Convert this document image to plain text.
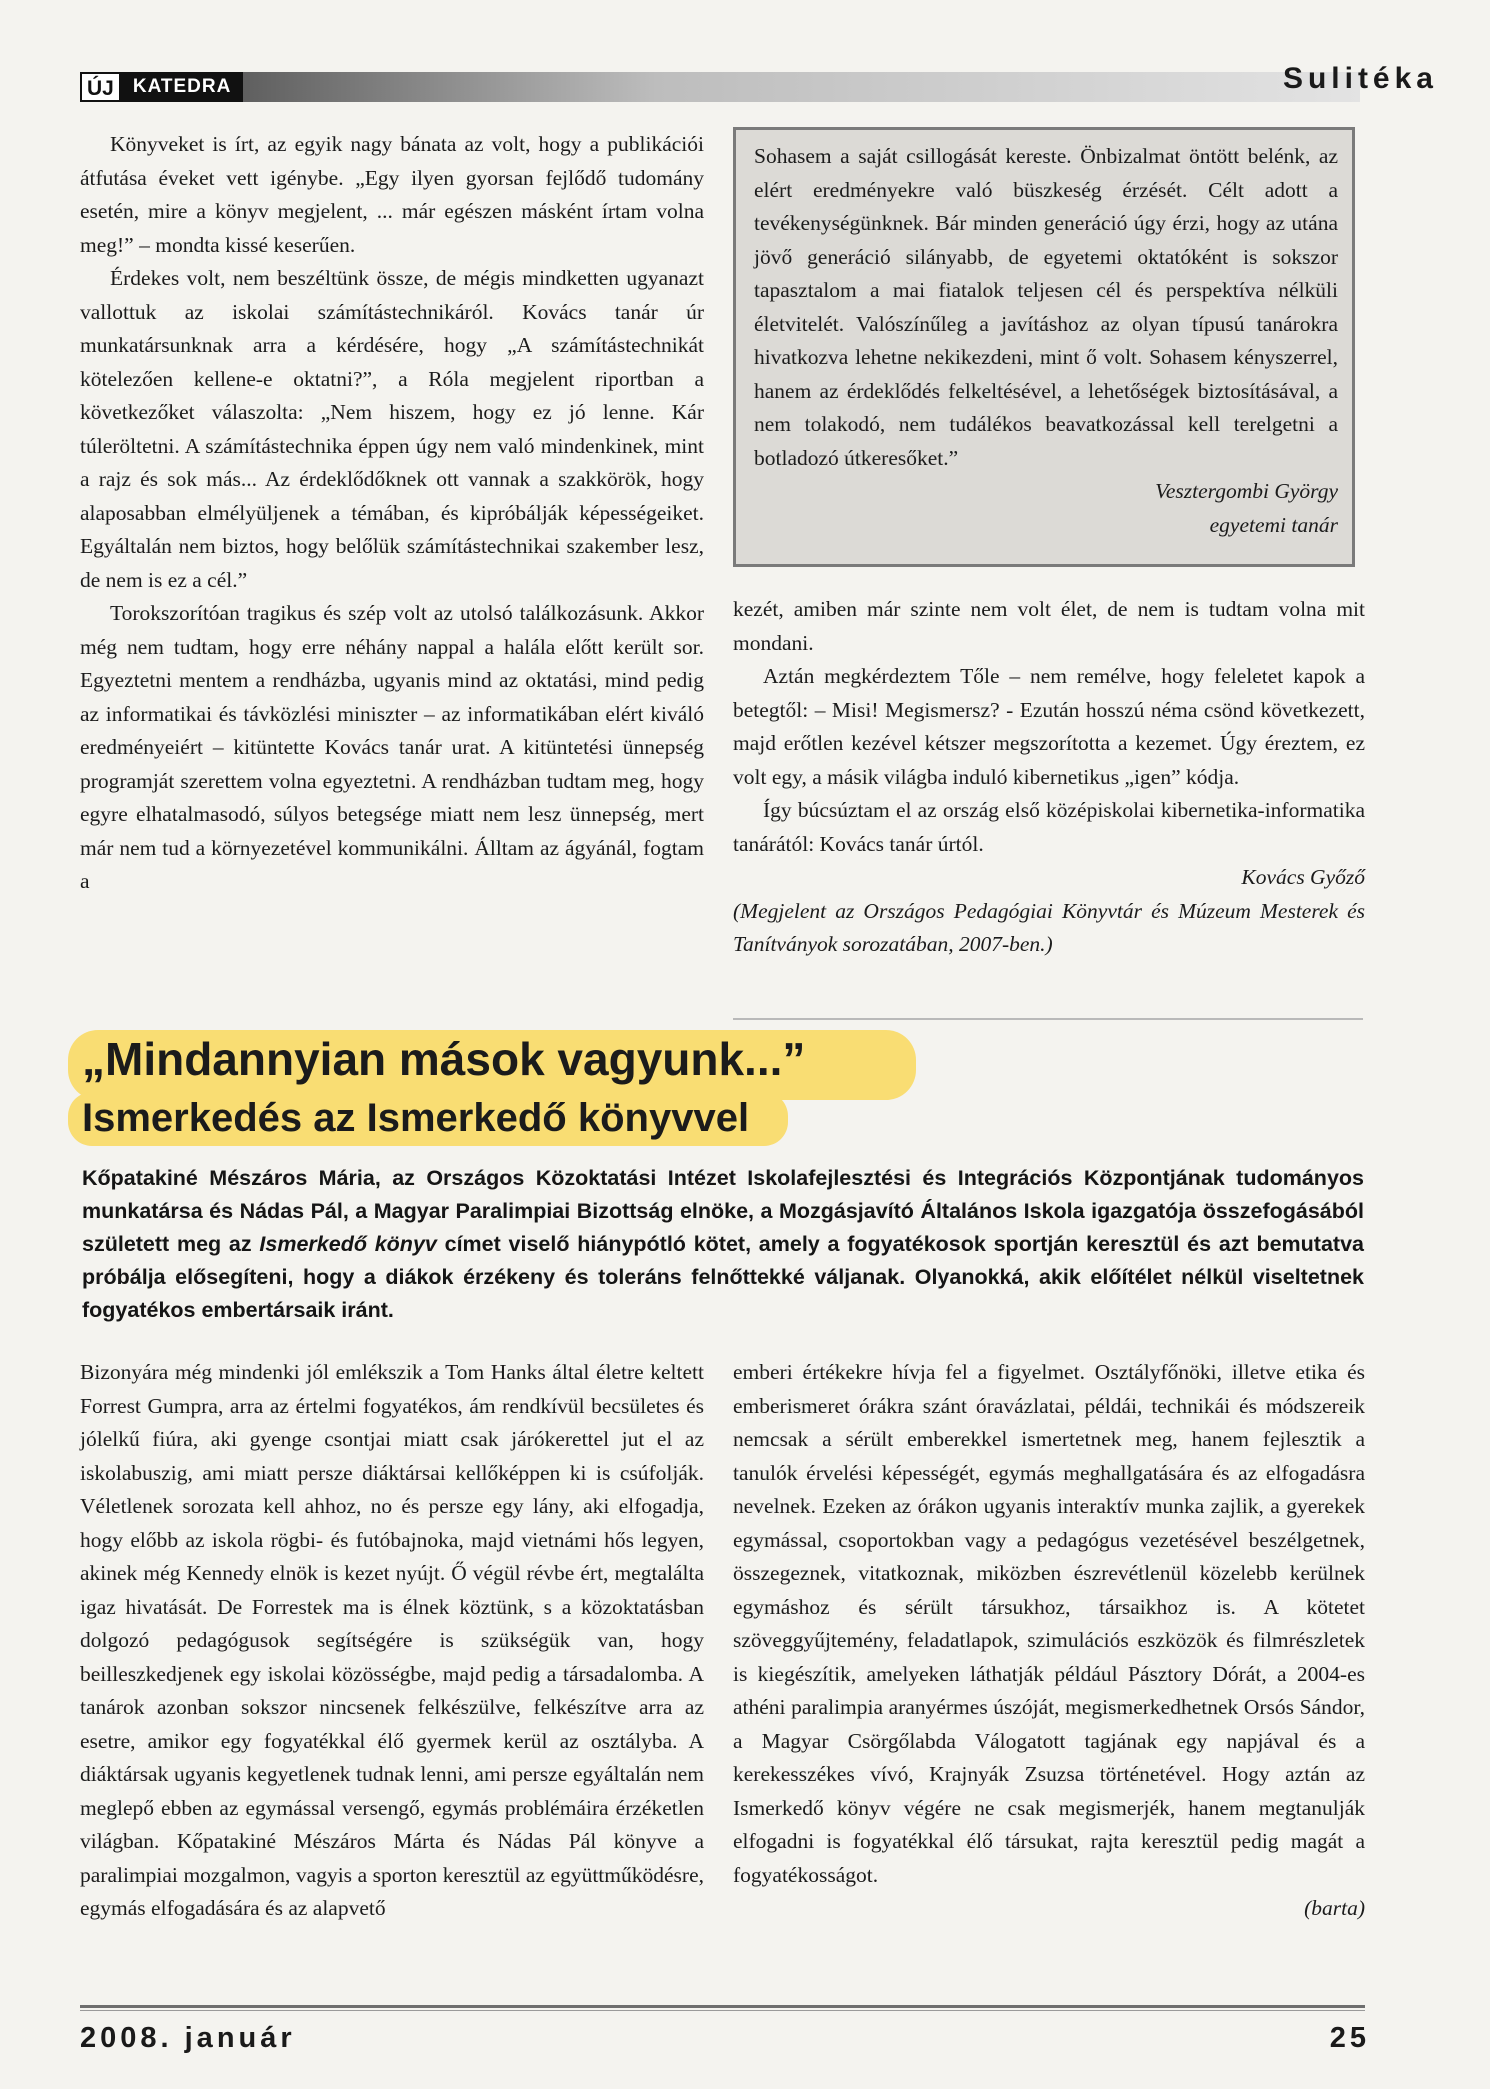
ÚJ	KATEDRA	Sulitéka

Könyveket is írt, az egyik nagy bánata az volt, hogy a publikációi átfutása éveket vett igénybe. „Egy ilyen gyorsan fejlődő tudomány esetén, mire a könyv megjelent, ... már egészen másként írtam volna meg!” – mondta kissé keserűen.

Érdekes volt, nem beszéltünk össze, de mégis mindketten ugyanazt vallottuk az iskolai számítástechnikáról. Kovács tanár úr munkatársunknak arra a kérdésére, hogy „A számítástechnikát kötelezően kellene-e oktatni?”, a Róla megjelent riportban a következőket válaszolta: „Nem hiszem, hogy ez jó lenne. Kár túleröltetni. A számítástechnika éppen úgy nem való mindenkinek, mint a rajz és sok más... Az érdeklődőknek ott vannak a szakkörök, hogy alaposabban elmélyüljenek a témában, és kipróbálják képességeiket. Egyáltalán nem biztos, hogy belőlük számítástechnikai szakember lesz, de nem is ez a cél.”

Torokszorítóan tragikus és szép volt az utolsó találkozásunk. Akkor még nem tudtam, hogy erre néhány nappal a halála előtt került sor. Egyeztetni mentem a rendházba, ugyanis mind az oktatási, mind pedig az informatikai és távközlési miniszter – az informatikában elért kiváló eredményeiért – kitüntette Kovács tanár urat. A kitüntetési ünnepség programját szerettem volna egyeztetni. A rendházban tudtam meg, hogy egyre elhatalmasodó, súlyos betegsége miatt nem lesz ünnepség, mert már nem tud a környezetével kommunikálni. Álltam az ágyánál, fogtam a

Sohasem a saját csillogását kereste. Önbizalmat öntött belénk, az elért eredményekre való büszkeség érzését. Célt adott a tevékenységünknek. Bár minden generáció úgy érzi, hogy az utána jövő generáció silányabb, de egyetemi oktatóként is sokszor tapasztalom a mai fiatalok teljesen cél és perspektíva nélküli életvitelét. Valószínűleg a javításhoz az olyan típusú tanárokra hivatkozva lehetne nekikezdeni, mint ő volt. Sohasem kényszerrel, hanem az érdeklődés felkeltésével, a lehetőségek biztosításával, a nem tolakodó, nem tudálékos beavatkozással kell terelgetni a botladozó útkeresőket.”

Vesztergombi György

egyetemi tanár

kezét, amiben már szinte nem volt élet, de nem is tudtam volna mit mondani.

Aztán megkérdeztem Tőle – nem remélve, hogy feleletet kapok a betegtől: – Misi! Megismersz? - Ezután hosszú néma csönd következett, majd erőtlen kezével kétszer megszorította a kezemet. Úgy éreztem, ez volt egy, a másik világba induló kibernetikus „igen” kódja.

Így búcsúztam el az ország első középiskolai kibernetika-informatika tanárától: Kovács tanár úrtól.

Kovács Győző

(Megjelent az Országos Pedagógiai Könyvtár és Múzeum Mesterek és Tanítványok sorozatában, 2007-ben.)

„Mindannyian mások vagyunk...”
Ismerkedés az Ismerkedő könyvvel
Kőpatakiné Mészáros Mária, az Országos Közoktatási Intézet Iskolafejlesztési és Integrációs Központjának tudományos munkatársa és Nádas Pál, a Magyar Paralimpiai Bizottság elnöke, a Mozgásjavító Általános Iskola igazgatója összefogásából született meg az Ismerkedő könyv címet viselő hiánypótló kötet, amely a fogyatékosok sportján keresztül és azt bemutatva próbálja elősegíteni, hogy a diákok érzékeny és toleráns felnőttekké váljanak. Olyanokká, akik előítélet nélkül viseltetnek fogyatékos embertársaik iránt.

Bizonyára még mindenki jól emlékszik a Tom Hanks által életre keltett Forrest Gumpra, arra az értelmi fogyatékos, ám rendkívül becsületes és jólelkű fiúra, aki gyenge csontjai miatt csak járókerettel jut el az iskolabuszig, ami miatt persze diáktársai kellőképpen ki is csúfolják. Véletlenek sorozata kell ahhoz, no és persze egy lány, aki elfogadja, hogy előbb az iskola rögbi- és futóbajnoka, majd vietnámi hős legyen, akinek még Kennedy elnök is kezet nyújt. Ő végül révbe ért, megtalálta igaz hivatását. De Forrestek ma is élnek köztünk, s a közoktatásban dolgozó pedagógusok segítségére is szükségük van, hogy beilleszkedjenek egy iskolai közösségbe, majd pedig a társadalomba. A tanárok azonban sokszor nincsenek felkészülve, felkészítve arra az esetre, amikor egy fogyatékkal élő gyermek kerül az osztályba. A diáktársak ugyanis kegyetlenek tudnak lenni, ami persze egyáltalán nem meglepő ebben az egymással versengő, egymás problémáira érzéketlen világban. Kőpatakiné Mészáros Márta és Nádas Pál könyve a paralimpiai mozgalmon, vagyis a sporton keresztül az együttműködésre, egymás elfogadására és az alapvető

emberi értékekre hívja fel a figyelmet. Osztályfőnöki, illetve etika és emberismeret órákra szánt óravázlatai, példái, technikái és módszereik nemcsak a sérült emberekkel ismertetnek meg, hanem fejlesztik a tanulók érvelési képességét, egymás meghallgatására és az elfogadásra nevelnek. Ezeken az órákon ugyanis interaktív munka zajlik, a gyerekek egymással, csoportokban vagy a pedagógus vezetésével beszélgetnek, összegeznek, vitatkoznak, miközben észrevétlenül közelebb kerülnek egymáshoz és sérült társukhoz, társaikhoz is. A kötetet szöveggyűjtemény, feladatlapok, szimulációs eszközök és filmrészletek is kiegészítik, amelyeken láthatják például Pásztory Dórát, a 2004-es athéni paralimpia aranyérmes úszóját, megismerkedhetnek Orsós Sándor, a Magyar Csörgőlabda Válogatott tagjának egy napjával és a kerekesszékes vívó, Krajnyák Zsuzsa történetével. Hogy aztán az Ismerkedő könyv végére ne csak megismerjék, hanem megtanulják elfogadni is fogyatékkal élő társukat, rajta keresztül pedig magát a fogyatékosságot.

(barta)

2008. január	25
